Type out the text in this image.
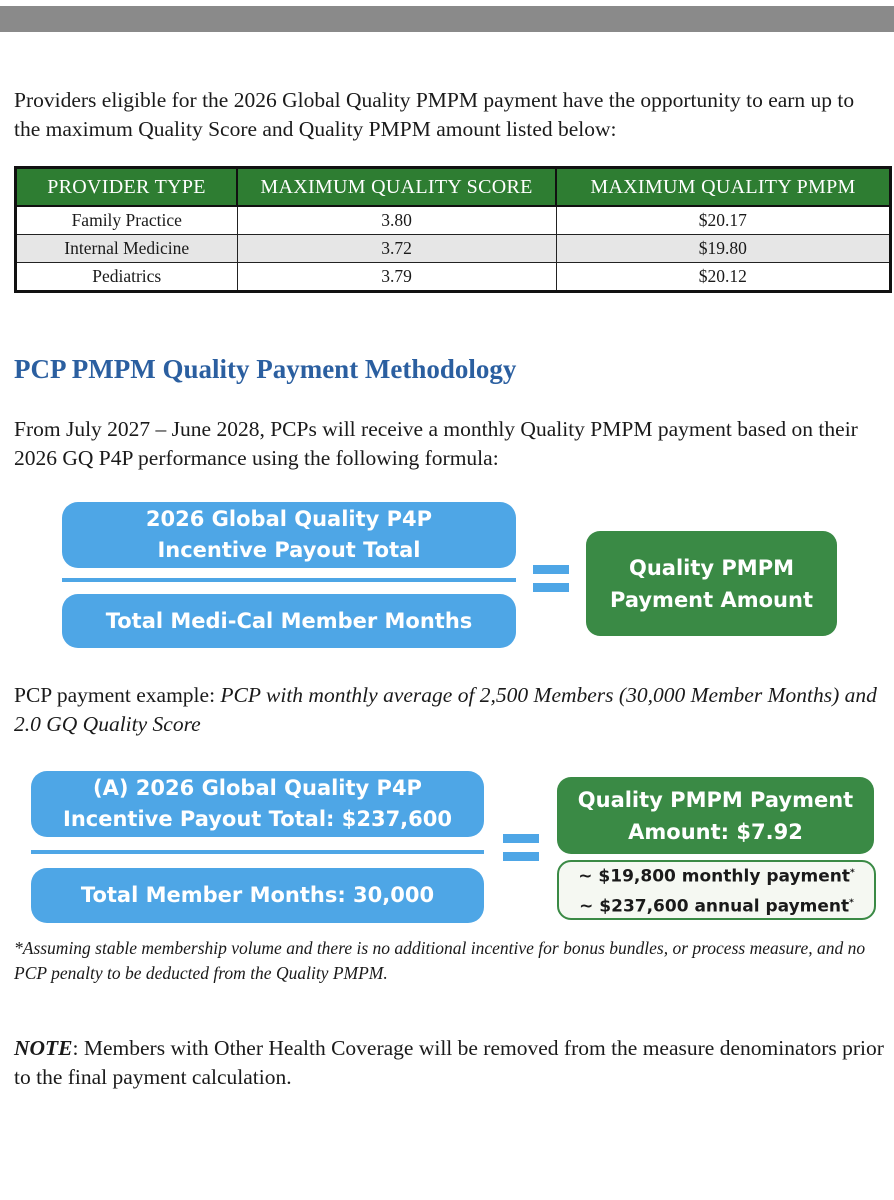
Providers eligible for the 2026 Global Quality PMPM payment have the opportunity to earn up to the maximum Quality Score and Quality PMPM amount listed below:

PROVIDER TYPE	MAXIMUM QUALITY SCORE	MAXIMUM QUALITY PMPM
Family Practice	3.80	$20.17
Internal Medicine	3.72	$19.80
Pediatrics	3.79	$20.12
PCP PMPM Quality Payment Methodology

From July 2027 – June 2028, PCPs will receive a monthly Quality PMPM payment based on their 2026 GQ P4P performance using the following formula:

2026 Global Quality P4P
Incentive Payout Total
Total Medi-Cal Member Months
Quality PMPM
Payment Amount

PCP payment example: PCP with monthly average of 2,500 Members (30,000 Member Months) and 2.0 GQ Quality Score

(A) 2026 Global Quality P4P
Incentive Payout Total: $237,600
Total Member Months: 30,000
Quality PMPM Payment
Amount: $7.92
~ $19,800 monthly payment*
~ $237,600 annual payment*

*Assuming stable membership volume and there is no additional incentive for bonus bundles, or process measure, and no PCP penalty to be deducted from the Quality PMPM.

NOTE: Members with Other Health Coverage will be removed from the measure denominators prior to the final payment calculation.
